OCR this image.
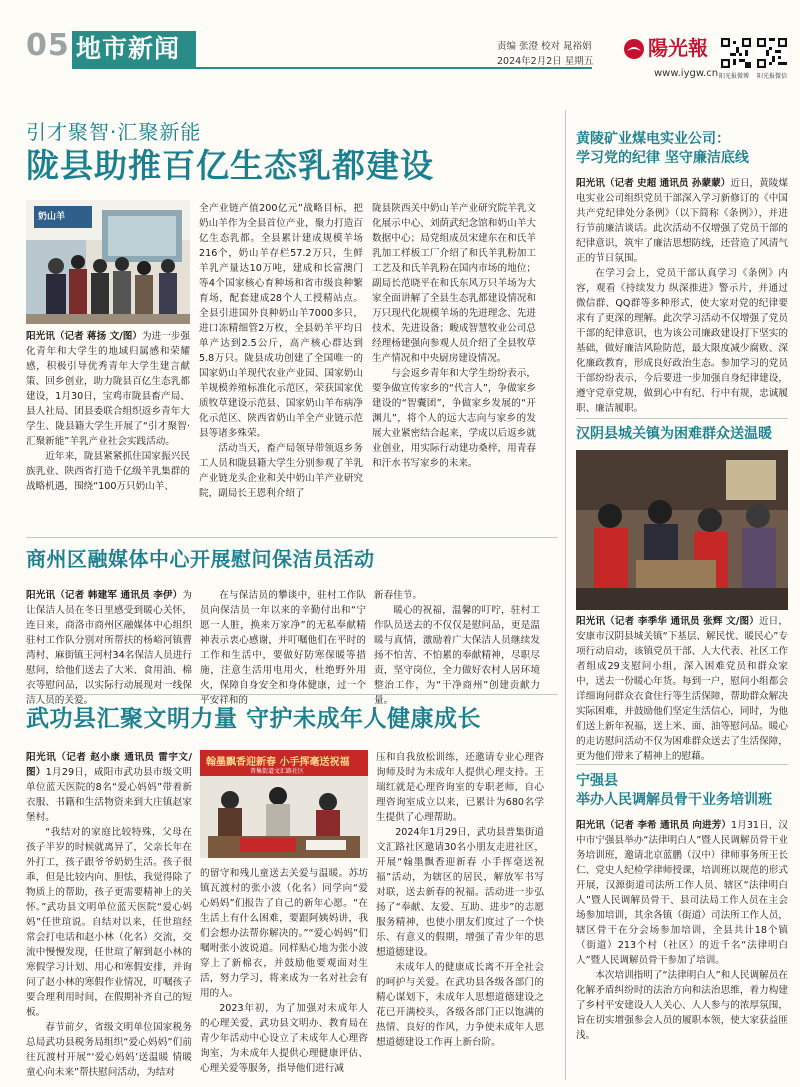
05 地市新闻	责编 张澄 校对 晁裕娟
2024年2月2日 星期五
陽光報
www.iygw.cn 阳光报微博 阳光报微信
引才聚智·汇聚新能
陇县助推百亿生态乳都建设
奶山羊

阳光讯（记者 蒋扬 文/图）为进一步强化青年和大学生的地域归属感和荣耀感，积极引导优秀青年大学生建言献策、回乡创业，助力陇县百亿生态乳都建设，1月30日，宝鸡市陇县畜产局、县人社局、团县委联合组织返乡青年大学生、陇县籍大学生开展了“引才聚智·汇聚新能”羊乳产业社会实践活动。

近年来，陇县紧紧抓住国家振兴民族乳业、陕西省打造千亿级羊乳集群的战略机遇，围绕“100万只奶山羊、

全产业链产值200亿元”战略目标，把奶山羊作为全县首位产业，聚力打造百亿生态乳都。全县累计建成规模羊场216个，奶山羊存栏57.2万只，生鲜羊乳产量达10万吨，建成和长富澳门等4个国家核心育种场和省市级良种繁育场，配套建成28个人工授精站点。全县引进国外良种奶山羊7000多只，进口冻精细管2万枚，全县奶羊平均日单产达到2.5公斤，高产核心群达到5.8万只。陇县成功创建了全国唯一的国家奶山羊现代农业产业园、国家奶山羊规模养殖标准化示范区，荣获国家优质牧草建设示范县、国家奶山羊布病净化示范区、陕西省奶山羊全产业链示范县等诸多殊荣。

活动当天，畜产局领导带领返乡务工人员和陇县籍大学生分别参观了羊乳产业链龙头企业和关中奶山羊产业研究院，副局长王恩利介绍了

陇县陕西关中奶山羊产业研究院羊乳文化展示中心、刘荫武纪念馆和奶山羊大数据中心；局党组成员宋建东在和氏羊乳加工样板工厂介绍了和氏羊乳粉加工工艺及和氏羊乳粉在国内市场的地位；副局长范晓平在和氏东风万只羊场为大家全面讲解了全县生态乳都建设情况和万只现代化规模羊场的先进理念、先进技术、先进设备；畯成智慧牧业公司总经理杨建强向参观人员介绍了全县牧草生产情况和中央厨房建设情况。

与会返乡青年和大学生纷纷表示，要争做宣传家乡的“代言人”，争做家乡建设的“智囊团”，争做家乡发展的“开渊儿”，将个人的远大志向与家乡的发展大业紧密结合起来，学成以后返乡就业创业，用实际行动建功桑梓，用青春和汗水书写家乡的未来。

商州区融媒体中心开展慰问保洁员活动

阳光讯（记者 韩建军 通讯员 李伊）为让保洁人员在冬日里感受到暖心关怀，连日来，商洛市商州区融媒体中心组织驻村工作队分别对所帮扶的杨峪河镇曹湾村、麻街镇王河村34名保洁人员进行慰问，给他们送去了大米、食用油、棉衣等慰问品，以实际行动展现对一线保洁人员的关爱。

在与保洁员的攀谈中，驻村工作队员向保洁员一年以来的辛勤付出和“宁愿一人脏，换来万家净”的无私奉献精神表示衷心感谢，并叮嘱他们在平时的工作和生活中，要做好防寒保暖等措施，注意生活用电用火，杜绝野外用火，保障自身安全和身体健康，过一个平安祥和的

新春佳节。

暖心的祝福，温馨的叮咛，驻村工作队员送去的不仅仅是慰问品，更是温暖与真情，激励着广大保洁人员继续发扬不怕苦、不怕累的奉献精神，尽职尽责，坚守岗位，全力做好农村人居环境整治工作，为“干净商州”创建贡献力量。

武功县汇聚文明力量 守护未成年人健康成长

阳光讯（记者 赵小康 通讯员 雷宇文/图）1月29日，咸阳市武功县市级文明单位蓝天医院的8名“爱心妈妈”带着新衣服、书籍和生活物资来到大庄镇赵家堡村。

“我结对的家庭比较特殊，父母在孩子半岁的时候就离异了，父亲长年在外打工，孩子跟爷爷奶奶生活。孩子很乖，但是比较内向、胆怯，我觉得除了物质上的帮助，孩子更需要精神上的关怀。”武功县文明单位蓝天医院“爱心妈妈”任世瑄说。自结对以来，任世瑄经常会打电话和赵小林（化名）交流，交流中慢慢发现，任世瑄了解到赵小林的寒假学习计划、用心和寒假安排，并询问了赵小林的寒假作业情况，叮嘱孩子要合理利用时间，在假期补齐自己的短板。

春节前夕，省级文明单位国家税务总局武功县税务局组织“爱心妈妈”们前往瓦渡村开展“‘爱心妈妈’送温暖 情暖童心向未来”帮扶慰问活动，为结对

翰墨飘香迎新春 小手挥毫送祝福
普集街道文汇路社区

的留守和残儿童送去关爱与温暖。苏坊镇瓦渡村的张小波（化名）同学向“爱心妈妈”们报告了自己的新年心愿。“在生活上有什么困难，要跟阿姨妈讲，我们会想办法帮你解决的。”“爱心妈妈”们嘱咐张小波说道。同样贴心地为张小波穿上了新棉衣，并鼓励他要观面对生活，努力学习，将来成为一名对社会有用的人。

2023年初，为了加强对未成年人的心理关爱，武功县文明办、教育局在青少年活动中心设立了未成年人心理咨询室，为未成年人提供心理健康评估、心理关爱等服务，指导他们进行减

压和自我放松训练，还邀请专业心理咨询师及时为未成年人提供心理支持。王瑞红就是心理咨询室的专职老师，自心理咨询室成立以来，已累计为680名学生提供了心理帮助。

2024年1月29日，武功县普集街道文汇路社区邀请30名小朋友走进社区，开展“翰墨飘香迎新春 小手挥毫送祝福”活动，为辖区的居民，解放军书写对联，送去新春的祝福。活动进一步弘扬了“奉献、友爱、互助、进步”的志愿服务精神，也使小朋友们度过了一个快乐、有意义的假期，增强了青少年的思想道德建设。

未成年人的健康成长离不开全社会的呵护与关爱。在武功县各级各部门的精心谋划下，未成年人思想道德建设之花已开满校头，各级各部门正以饱满的热情、良好的作风，力争使未成年人思想道德建设工作再上新台阶。

黄陵矿业煤电实业公司：
学习党的纪律 坚守廉洁底线

阳光讯（记者 史超 通讯员 孙蒙蒙）近日，黄陵煤电实业公司组织党员干部深入学习新修订的《中国共产党纪律处分条例》（以下简称《条例》），并进行节前廉洁谈话。此次活动不仅增强了党员干部的纪律意识，筑牢了廉洁思想防线，还营造了风清气正的节日氛围。

在学习会上，党员干部认真学习《条例》内容，观看《持续发力 纵深推进》警示片，并通过微信群、QQ群等多种形式，使大家对党的纪律要求有了更深的理解。此次学习活动不仅增强了党员干部的纪律意识，也为该公司廉政建设打下坚实的基础，做好廉洁风险防范，最大限度减少腐败、深化廉政教育，形成良好政治生态。参加学习的党员干部纷纷表示，今后要进一步加强自身纪律建设，遵守党章党规，做到心中有纪、行中有规，忠诚履职、廉洁履职。

汉阴县城关镇为困难群众送温暖

阳光讯（记者 李季华 通讯员 张辉 文/图）近日，安康市汉阴县城关镇“下基层、解民忧、暖民心”专项行动启动，该镇党员干部、人大代表、社区工作者组成29支慰问小组，深入困难党员和群众家中，送去一份暖心年货。每到一户，慰问小组都会详细询问群众衣食住行等生活保障，帮助群众解决实际困难，并鼓励他们坚定生活信心，同时，为他们送上新年祝福，送上米、面、油等慰问品。暖心的走访慰问活动不仅为困难群众送去了生活保障，更为他们带来了精神上的慰藉。

宁强县
举办人民调解员骨干业务培训班

阳光讯（记者 李希 通讯员 向进芳）1月31日，汉中市宁强县举办“法律明白人”暨人民调解员骨干业务培训班，邀请北京蓝鹏（汉中）律师事务所王长仁、党史人纪检学律师授课，培训班以规范的形式开展，汉源街道司法所工作人员、辖区“法律明白人”暨人民调解员骨干、县司法局工作人员在主会场参加培训，其余各镇（街道）司法所工作人员，辖区骨干在分会场参加培训，全县共计18个镇（街道）213个村（社区）的近千名“法律明白人”暨人民调解员骨干参加了培训。

本次培训指明了“法律明白人”和人民调解员在化解矛盾纠纷时的法治方向和法治思维，着力构建了乡村平安建设人人关心、人人参与的浓厚氛围，旨在切实增强参会人员的履职本领，使大家获益匪浅。
